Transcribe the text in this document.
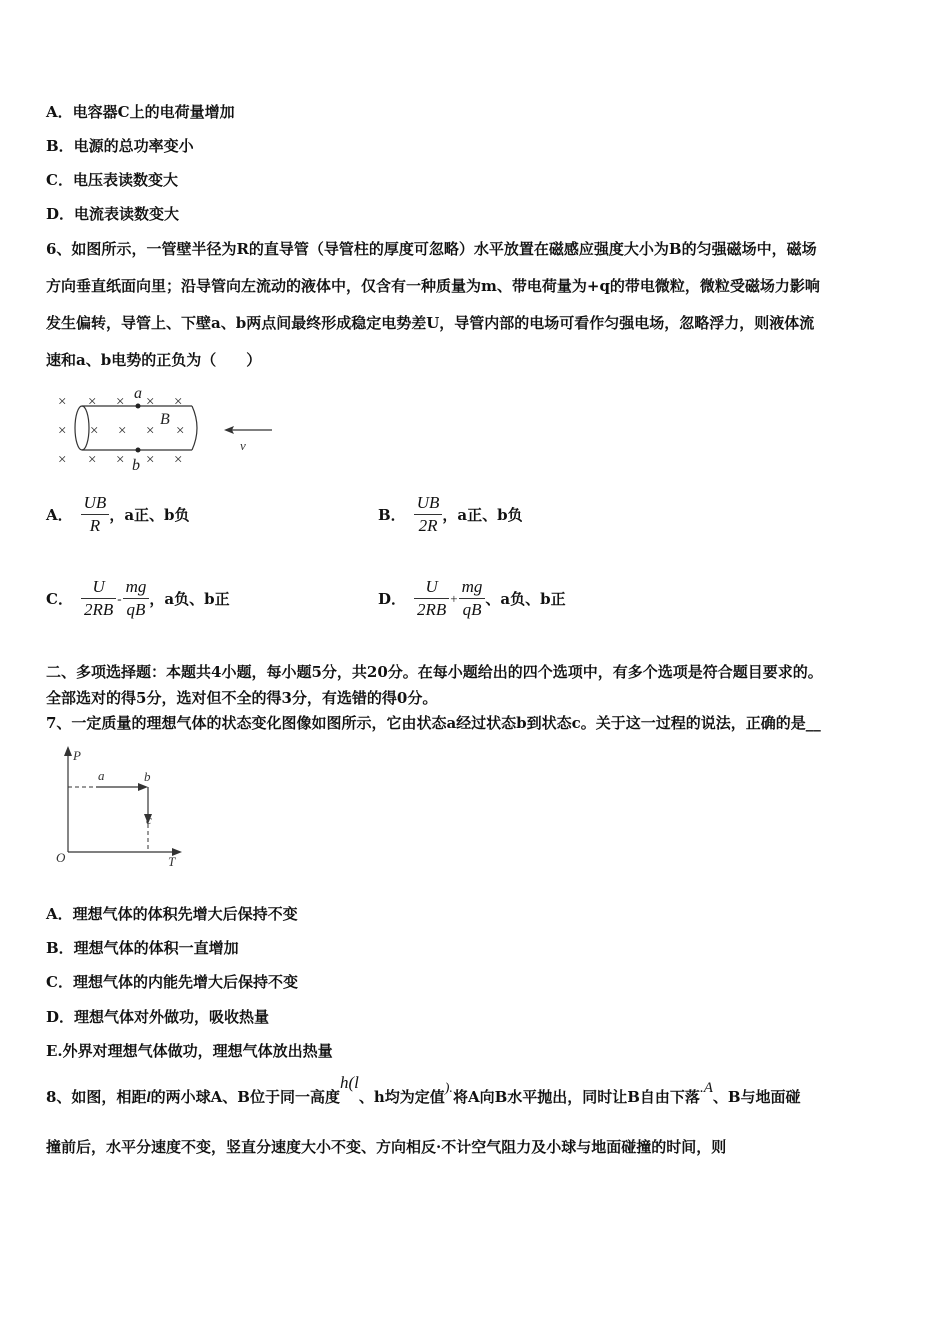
A．电容器C上的电荷量增加
B．电源的总功率变小
C．电压表读数变大
D．电流表读数变大
6、如图所示，一管壁半径为R的直导管（导管柱的厚度可忽略）水平放置在磁感应强度大小为B的匀强磁场中，磁场
方向垂直纸面向里；沿导管向左流动的液体中，仅含有一种质量为m、带电荷量为+q的带电微粒，微粒受磁场力影响
发生偏转，导管上、下壁a、b两点间最终形成稳定电势差U，导管内部的电场可看作匀强电场，忽略浮力，则液体流
速和a、b电势的正负为（　　）
× × × × ×
× × × × ×
× × × × ×
a
b
B
v
A． $\frac{UB}{R}$ ，a正、b负	B． $\frac{UB}{2R}$ ，a正、b负
C． $\frac{U}{2RB} - \frac{mg}{qB}$ ，a负、b正	D． $\frac{U}{2RB} + \frac{mg}{qB}$ 、a负、b正
二、多项选择题：本题共4小题，每小题5分，共20分。在每小题给出的四个选项中，有多个选项是符合题目要求的。
全部选对的得5分，选对但不全的得3分，有选错的得0分。
7、一定质量的理想气体的状态变化图像如图所示，它由状态a经过状态b到状态c。关于这一过程的说法，正确的是__
P
T
O
a	b
c
A．理想气体的体积先增大后保持不变
B．理想气体的体积一直增加
C．理想气体的内能先增大后保持不变
D．理想气体对外做功，吸收热量
E.外界对理想气体做功，理想气体放出热量
8、如图，相距l的两小球A、B位于同一高度h(l、h均为定值).将A向B水平抛出，同时让B自由下落.A、B与地面碰
撞前后，水平分速度不变，竖直分速度大小不变、方向相反·不计空气阻力及小球与地面碰撞的时间，则
